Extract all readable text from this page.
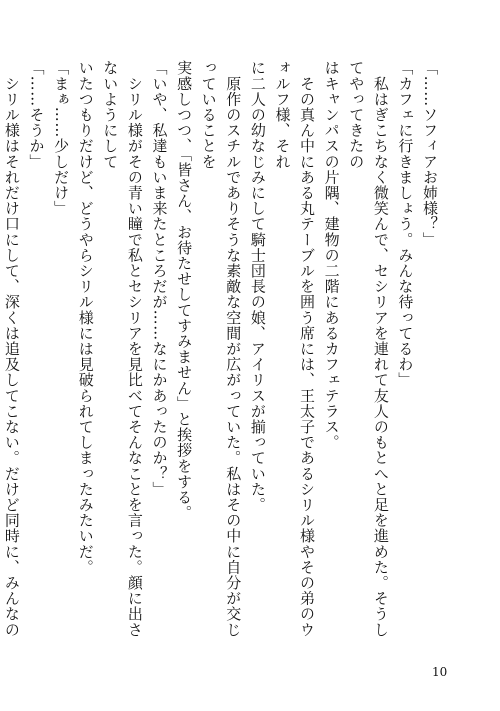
「……ソフィアお姉様？」
「カフェに行きましょう。みんな待ってるわ」
　私はぎこちなく微笑んで、セシリアを連れて友人のもとへと足を進めた。そうしてやってきたの
はキャンパスの片隅、建物の二階にあるカフェテラス。
　その真ん中にある丸テーブルを囲う席には、王太子であるシリル様やその弟のウォルフ様、それ
に二人の幼なじみにして騎士団長の娘、アイリスが揃っていた。
　原作のスチルでありそうな素敵な空間が広がっていた。私はその中に自分が交じっていることを
実感しつつ、「皆さん、お待たせしてすみません」と挨拶をする。
「いや、私達もいま来たところだが……なにかあったのか？」
　シリル様がその青い瞳で私とセシリアを見比べてそんなことを言った。顔に出さないようにして
いたつもりだけど、どうやらシリル様には見破られてしまったみたいだ。
「まぁ……少しだけ」
「……そうか」
　シリル様はそれだけ口にして、深くは追及してこない。だけど同時に、みんなの
10
